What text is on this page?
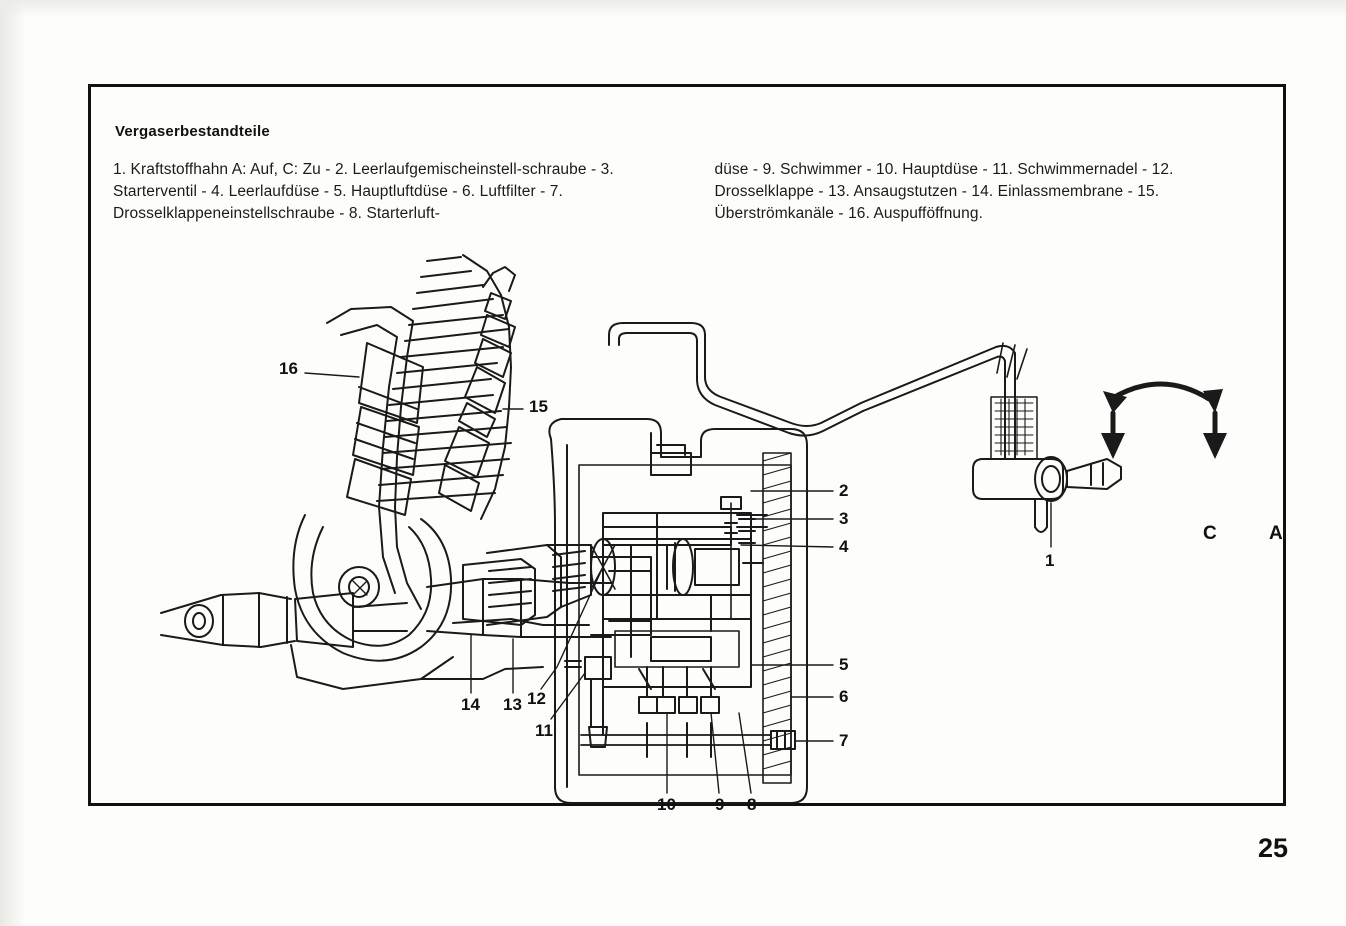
Vergaserbestandteile
1. Kraftstoffhahn A: Auf, C: Zu - 2. Leerlaufgemischeinstell-schraube - 3. Starterventil - 4. Leerlaufdüse - 5. Hauptluftdüse - 6. Luftfilter - 7. Drosselklappeneinstellschraube - 8. Starterluft-
düse - 9. Schwimmer - 10. Hauptdüse - 11. Schwimmernadel - 12. Drosselklappe - 13. Ansaugstutzen - 14. Einlassmembrane - 15. Überströmkanäle - 16. Auspufföffnung.
16
15
14 13 12
11
10 9 8
7
6
5
4
3
2
1
C	A
25
